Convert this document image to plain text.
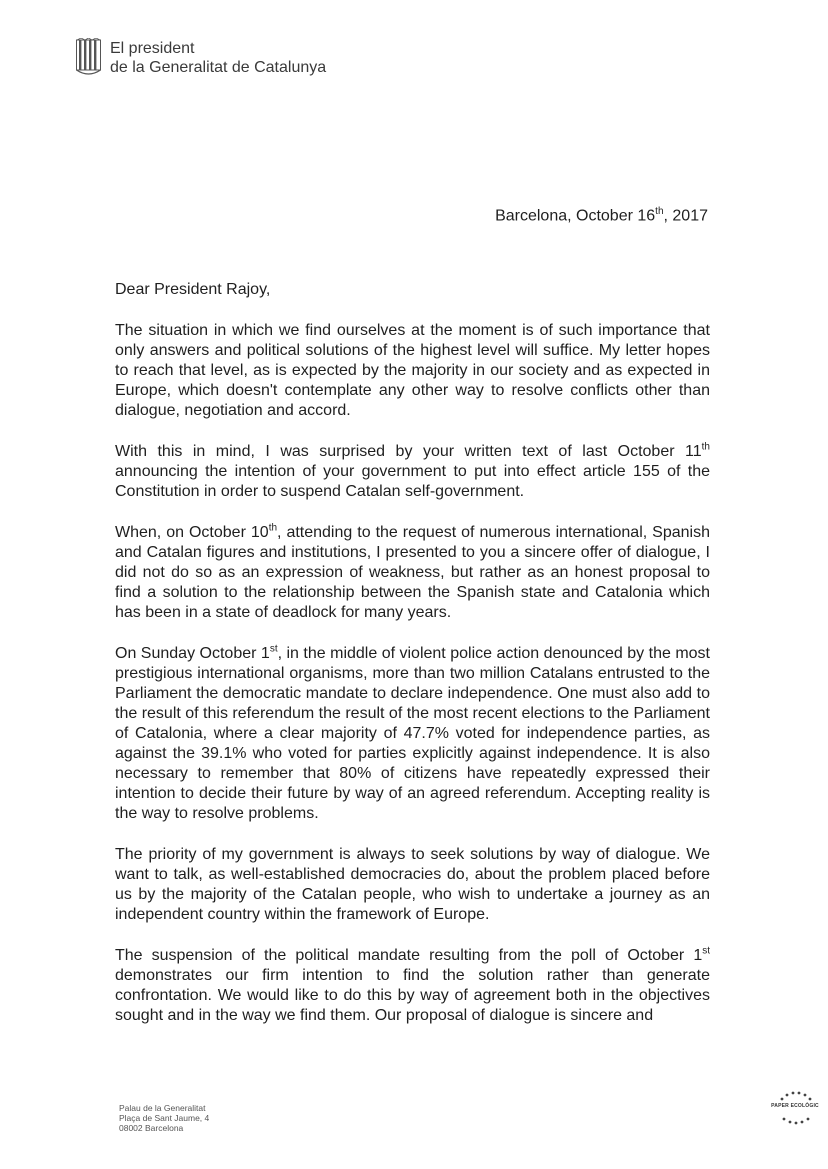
El president
de la Generalitat de Catalunya
Barcelona, October 16th, 2017

Dear President Rajoy,

The situation in which we find ourselves at the moment is of such importance that only answers and political solutions of the highest level will suffice. My letter hopes to reach that level, as is expected by the majority in our society and as expected in Europe, which doesn't contemplate any other way to resolve conflicts other than dialogue, negotiation and accord.

With this in mind, I was surprised by your written text of last October 11th announcing the intention of your government to put into effect article 155 of the Constitution in order to suspend Catalan self-government.

When, on October 10th, attending to the request of numerous international, Spanish and Catalan figures and institutions, I presented to you a sincere offer of dialogue, I did not do so as an expression of weakness, but rather as an honest proposal to find a solution to the relationship between the Spanish state and Catalonia which has been in a state of deadlock for many years.

On Sunday October 1st, in the middle of violent police action denounced by the most prestigious international organisms, more than two million Catalans entrusted to the Parliament the democratic mandate to declare independence. One must also add to the result of this referendum the result of the most recent elections to the Parliament of Catalonia, where a clear majority of 47.7% voted for independence parties, as against the 39.1% who voted for parties explicitly against independence. It is also necessary to remember that 80% of citizens have repeatedly expressed their intention to decide their future by way of an agreed referendum. Accepting reality is the way to resolve problems.

The priority of my government is always to seek solutions by way of dialogue. We want to talk, as well-established democracies do, about the problem placed before us by the majority of the Catalan people, who wish to undertake a journey as an independent country within the framework of Europe.

The suspension of the political mandate resulting from the poll of October 1st demonstrates our firm intention to find the solution rather than generate confrontation. We would like to do this by way of agreement both in the objectives sought and in the way we find them. Our proposal of dialogue is sincere and

Palau de la Generalitat
Plaça de Sant Jaume, 4
08002 Barcelona
PAPER ECOLÒGIC
